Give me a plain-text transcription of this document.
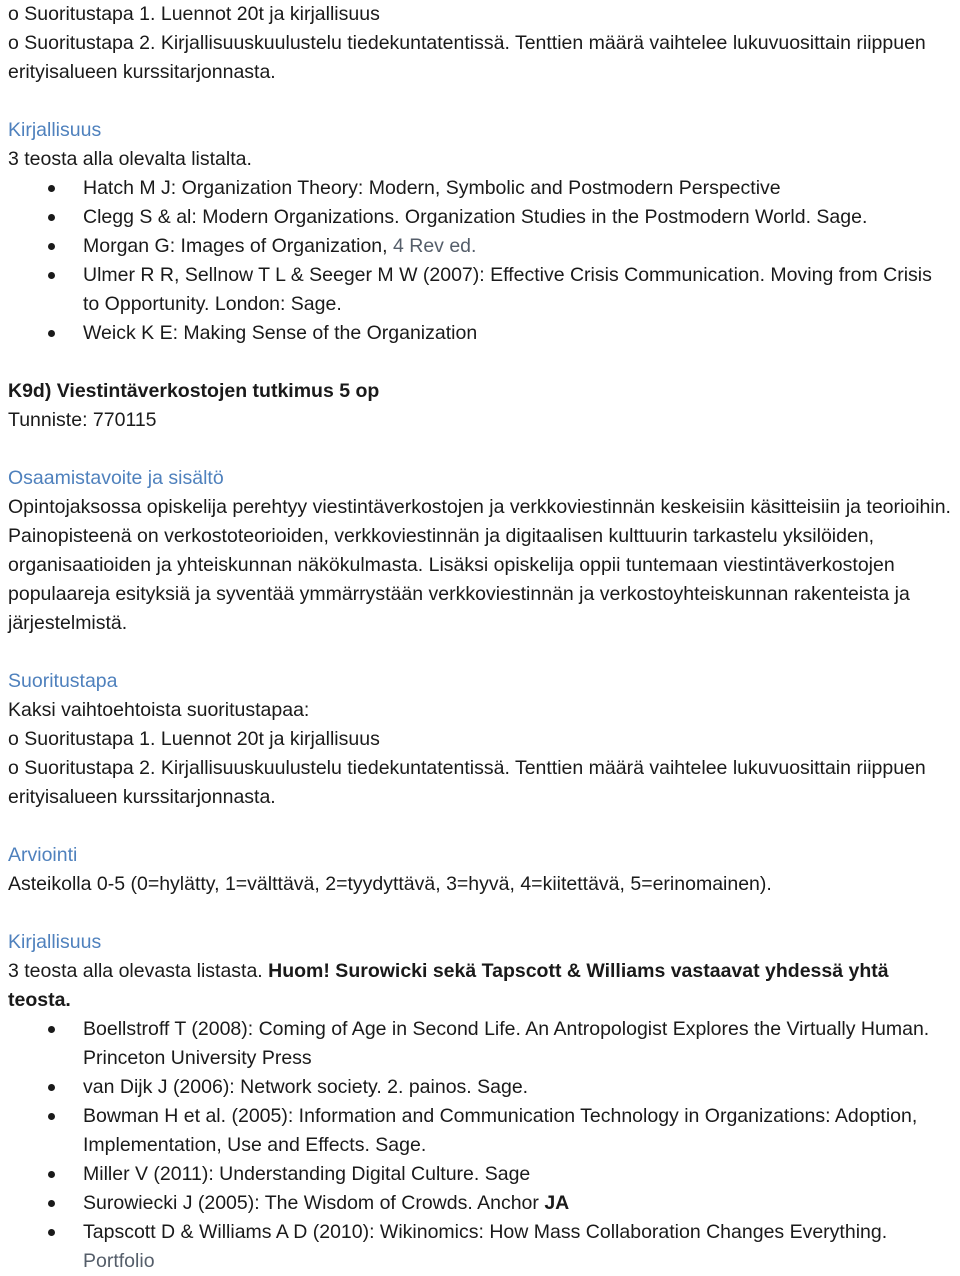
o Suoritustapa 1. Luennot 20t ja kirjallisuus

o Suoritustapa 2. Kirjallisuuskuulustelu tiedekuntatentissä. Tenttien määrä vaihtelee lukuvuosittain riippuen erityisalueen kurssitarjonnasta.

Kirjallisuus

3 teosta alla olevalta listalta.

Hatch M J: Organization Theory: Modern, Symbolic and Postmodern Perspective
Clegg S & al: Modern Organizations. Organization Studies in the Postmodern World. Sage.
Morgan G: Images of Organization, 4 Rev ed.
Ulmer R R, Sellnow T L & Seeger M W (2007): Effective Crisis Communication. Moving from Crisis to Opportunity. London: Sage.
Weick K E: Making Sense of the Organization

K9d) Viestintäverkostojen tutkimus 5 op

Tunniste: 770115

Osaamistavoite ja sisältö

Opintojaksossa opiskelija perehtyy viestintäverkostojen ja verkkoviestinnän keskeisiin käsitteisiin ja teorioihin. Painopisteenä on verkostoteorioiden, verkkoviestinnän ja digitaalisen kulttuurin tarkastelu yksilöiden, organisaatioiden ja yhteiskunnan näkökulmasta. Lisäksi opiskelija oppii tuntemaan viestintäverkostojen populaareja esityksiä ja syventää ymmärrystään verkkoviestinnän ja verkostoyhteiskunnan rakenteista ja järjestelmistä.

Suoritustapa

Kaksi vaihtoehtoista suoritustapaa:

o Suoritustapa 1. Luennot 20t ja kirjallisuus

o Suoritustapa 2. Kirjallisuuskuulustelu tiedekuntatentissä. Tenttien määrä vaihtelee lukuvuosittain riippuen erityisalueen kurssitarjonnasta.

Arviointi

Asteikolla 0-5 (0=hylätty, 1=välttävä, 2=tyydyttävä, 3=hyvä, 4=kiitettävä, 5=erinomainen).

Kirjallisuus

3 teosta alla olevasta listasta. Huom! Surowicki sekä Tapscott & Williams vastaavat yhdessä yhtä teosta.

Boellstroff T (2008): Coming of Age in Second Life. An Antropologist Explores the Virtually Human. Princeton University Press
van Dijk J (2006): Network society. 2. painos. Sage.
Bowman H et al. (2005): Information and Communication Technology in Organizations: Adoption, Implementation, Use and Effects. Sage.
Miller V (2011): Understanding Digital Culture. Sage
Surowiecki J (2005): The Wisdom of Crowds. Anchor JA
Tapscott D & Williams A D (2010): Wikinomics: How Mass Collaboration Changes Everything. Portfolio
